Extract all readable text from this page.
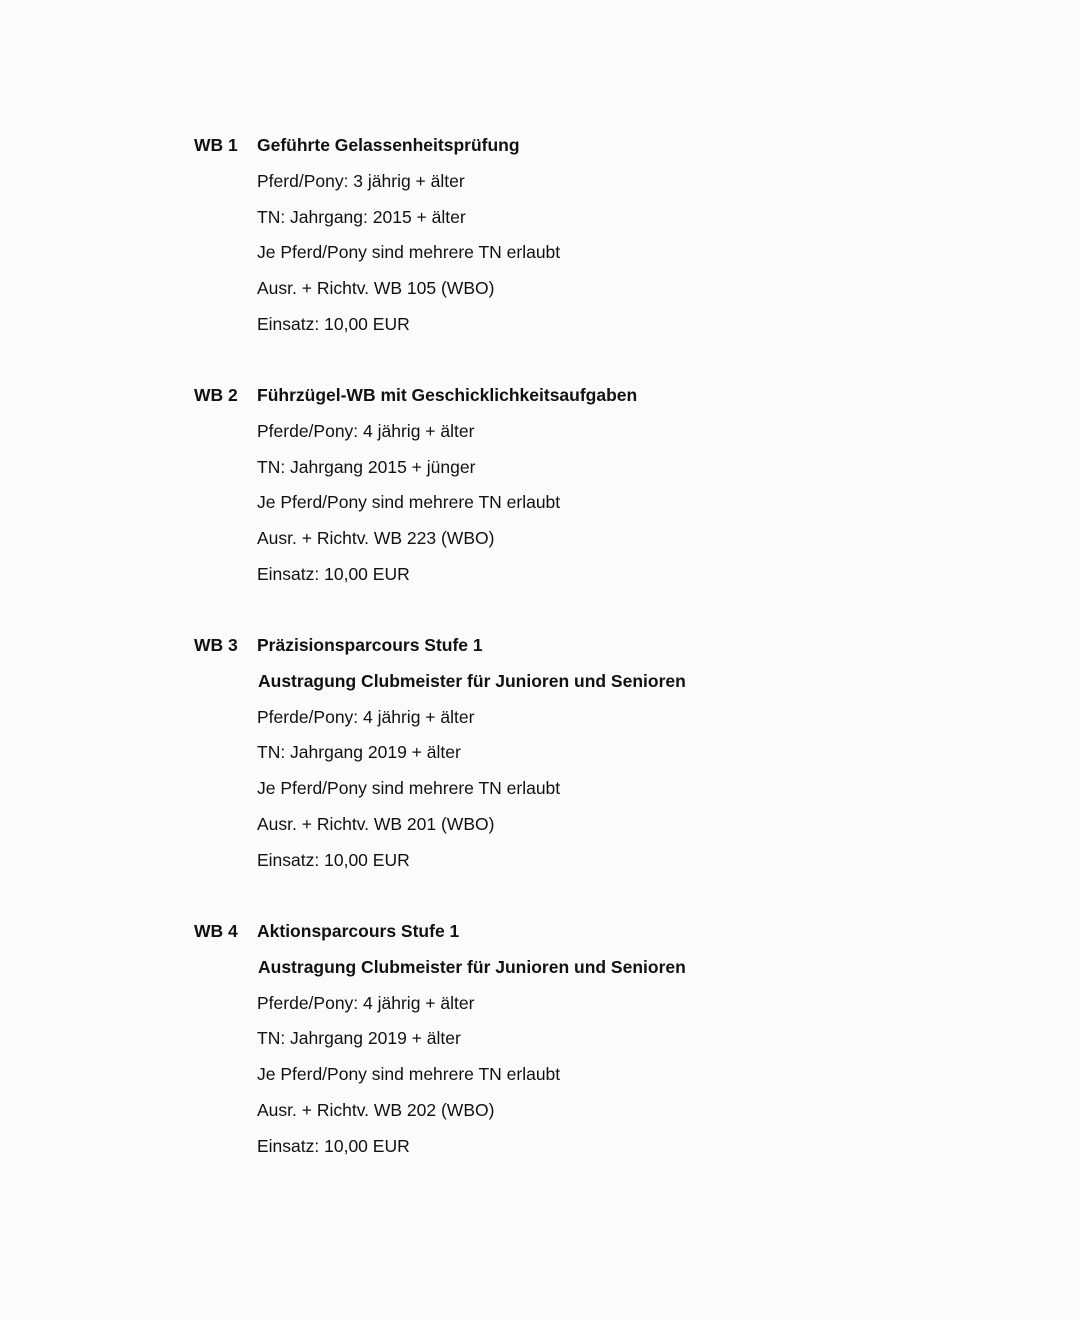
WB 1	Geführte Gelassenheitsprüfung
Pferd/Pony: 3 jährig + älter
TN: Jahrgang: 2015 + älter
Je Pferd/Pony sind mehrere TN erlaubt
Ausr. + Richtv. WB 105 (WBO)
Einsatz: 10,00 EUR
WB 2	Führzügel-WB mit Geschicklichkeitsaufgaben
Pferde/Pony: 4 jährig + älter
TN: Jahrgang 2015 + jünger
Je Pferd/Pony sind mehrere TN erlaubt
Ausr. + Richtv. WB 223 (WBO)
Einsatz: 10,00 EUR
WB 3	Präzisionsparcours Stufe 1
Austragung Clubmeister für Junioren und Senioren
Pferde/Pony: 4 jährig + älter
TN: Jahrgang 2019 + älter
Je Pferd/Pony sind mehrere TN erlaubt
Ausr. + Richtv. WB 201 (WBO)
Einsatz: 10,00 EUR
WB 4	Aktionsparcours Stufe 1
Austragung Clubmeister für Junioren und Senioren
Pferde/Pony: 4 jährig + älter
TN: Jahrgang 2019 + älter
Je Pferd/Pony sind mehrere TN erlaubt
Ausr. + Richtv. WB 202 (WBO)
Einsatz: 10,00 EUR
